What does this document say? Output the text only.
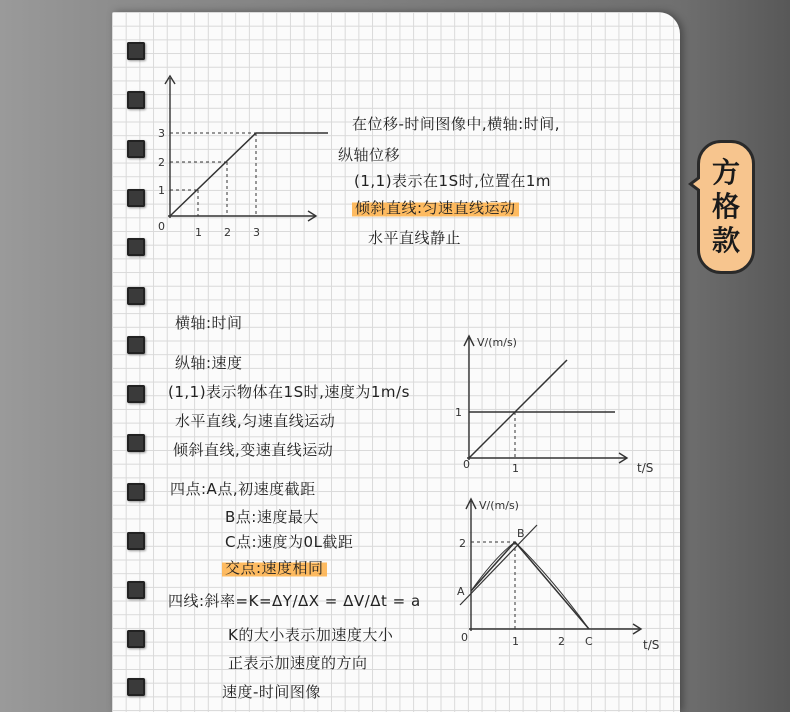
0
1
2
3
1 2 3
在位移-时间图像中,横轴:时间,
纵轴位移
(1,1)表示在1S时,位置在1m
倾斜直线:匀速直线运动
水平直线静止
横轴:时间
纵轴:速度
(1,1)表示物体在1S时,速度为1m/s
水平直线,匀速直线运动
倾斜直线,变速直线运动
四点:A点,初速度截距
B点:速度最大
C点:速度为0L截距
交点:速度相同
四线:斜率=K=ΔY/ΔX = ΔV/Δt = a
K的大小表示加速度大小
正表示加速度的方向
速度-时间图像
V/(m/s)
t/S
1
1
0
V/(m/s)
t/S
2
1	2
0
A
B
C
方
格
款
